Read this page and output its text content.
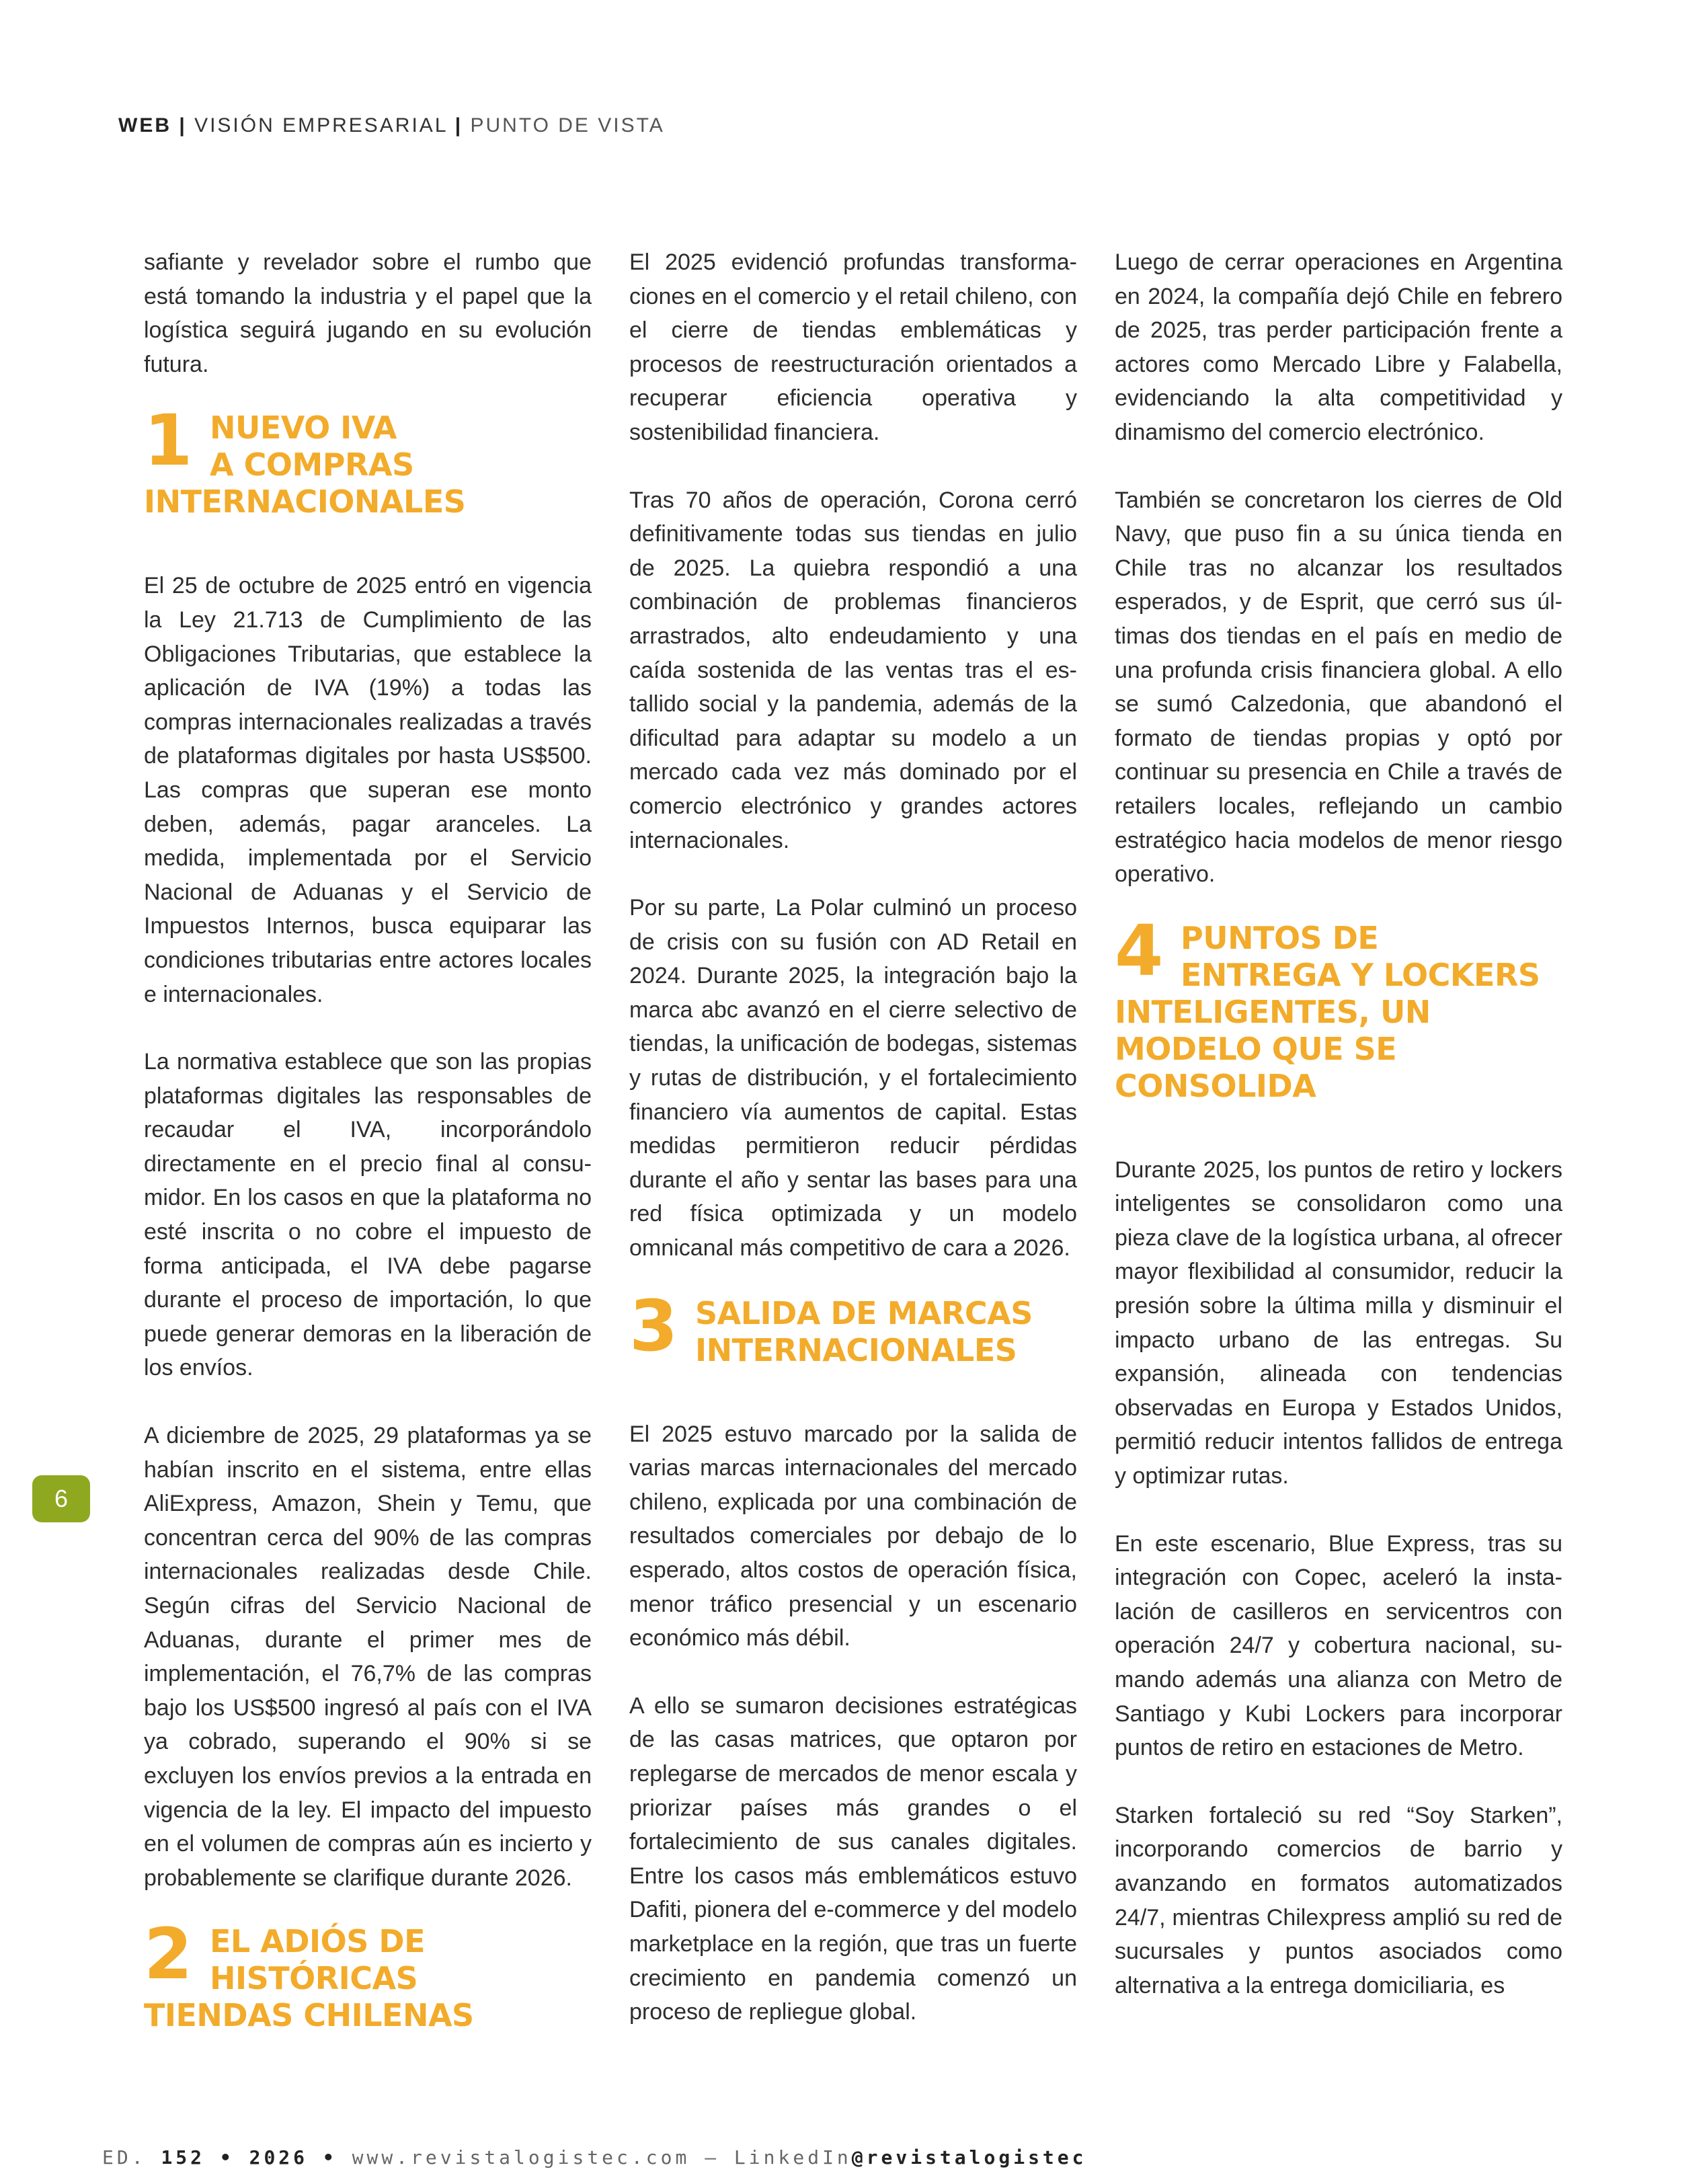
WEB | VISIÓN EMPRESARIAL | PUNTO DE VISTA

safiante y revelador sobre el rumbo que está tomando la industria y el papel que la logística seguirá jugando en su evolución futura.

1 NUEVO IVA
A COMPRAS
INTERNACIONALES

El 25 de octubre de 2025 entró en vigencia la Ley 21.713 de Cumplimiento de las Obligaciones Tributarias, que establece la aplicación de IVA (19%) a todas las compras internacionales realizadas a través de plataformas digitales por hasta US$500. Las compras que superan ese monto deben, además, pagar aranceles. La medida, implementada por el Servicio Nacional de Aduanas y el Servicio de Impuestos Internos, busca equiparar las condiciones tributarias entre actores locales e internacionales.

La normativa establece que son las propias plataformas digitales las responsables de recaudar el IVA, incorporándolo directamente en el precio final al consumidor. En los casos en que la plataforma no esté inscrita o no cobre el impuesto de forma anticipada, el IVA debe pagarse durante el proceso de importación, lo que puede generar demoras en la liberación de los envíos.

A diciembre de 2025, 29 plataformas ya se habían inscrito en el sistema, entre ellas AliExpress, Amazon, Shein y Temu, que concentran cerca del 90% de las compras internacionales realizadas desde Chile. Según cifras del Servicio Nacional de Aduanas, durante el primer mes de implementación, el 76,7% de las compras bajo los US$500 ingresó al país con el IVA ya cobrado, superando el 90% si se excluyen los envíos previos a la entrada en vigencia de la ley. El impacto del impuesto en el volumen de compras aún es incierto y probablemente se clarifique durante 2026.

2 EL ADIÓS DE
HISTÓRICAS
TIENDAS CHILENAS

El 2025 evidenció profundas transformaciones en el comercio y el retail chileno, con el cierre de tiendas emblemáticas y procesos de reestructuración orientados a recuperar eficiencia operativa y sostenibilidad financiera.

Tras 70 años de operación, Corona cerró definitivamente todas sus tiendas en julio de 2025. La quiebra respondió a una combinación de problemas financieros arrastrados, alto endeudamiento y una caída sostenida de las ventas tras el estallido social y la pandemia, además de la dificultad para adaptar su modelo a un mercado cada vez más dominado por el comercio electrónico y grandes actores internacionales.

Por su parte, La Polar culminó un proceso de crisis con su fusión con AD Retail en 2024. Durante 2025, la integración bajo la marca abc avanzó en el cierre selectivo de tiendas, la unificación de bodegas, sistemas y rutas de distribución, y el fortalecimiento financiero vía aumentos de capital. Estas medidas permitieron reducir pérdidas durante el año y sentar las bases para una red física optimizada y un modelo omnicanal más competitivo de cara a 2026.

3 SALIDA DE MARCAS
INTERNACIONALES

El 2025 estuvo marcado por la salida de varias marcas internacionales del mercado chileno, explicada por una combinación de resultados comerciales por debajo de lo esperado, altos costos de operación física, menor tráfico presencial y un escenario económico más débil.

A ello se sumaron decisiones estratégicas de las casas matrices, que optaron por replegarse de mercados de menor escala y priorizar países más grandes o el fortalecimiento de sus canales digitales. Entre los casos más emblemáticos estuvo Dafiti, pionera del e-commerce y del modelo marketplace en la región, que tras un fuerte crecimiento en pandemia comenzó un proceso de repliegue global.

Luego de cerrar operaciones en Argentina en 2024, la compañía dejó Chile en febrero de 2025, tras perder participación frente a actores como Mercado Libre y Falabella, evidenciando la alta competitividad y dinamismo del comercio electrónico.

También se concretaron los cierres de Old Navy, que puso fin a su única tienda en Chile tras no alcanzar los resultados esperados, y de Esprit, que cerró sus últimas dos tiendas en el país en medio de una profunda crisis financiera global. A ello se sumó Calzedonia, que abandonó el formato de tiendas propias y optó por continuar su presencia en Chile a través de retailers locales, reflejando un cambio estratégico hacia modelos de menor riesgo operativo.

4 PUNTOS DE
ENTREGA Y LOCKERS
INTELIGENTES, UN
MODELO QUE SE
CONSOLIDA

Durante 2025, los puntos de retiro y lockers inteligentes se consolidaron como una pieza clave de la logística urbana, al ofrecer mayor flexibilidad al consumidor, reducir la presión sobre la última milla y disminuir el impacto urbano de las entregas. Su expansión, alineada con tendencias observadas en Europa y Estados Unidos, permitió reducir intentos fallidos de entrega y optimizar rutas.

En este escenario, Blue Express, tras su integración con Copec, aceleró la instalación de casilleros en servicentros con operación 24/7 y cobertura nacional, sumando además una alianza con Metro de Santiago y Kubi Lockers para incorporar puntos de retiro en estaciones de Metro.

Starken fortaleció su red “Soy Starken”, incorporando comercios de barrio y avanzando en formatos automatizados 24/7, mientras Chilexpress amplió su red de sucursales y puntos asociados como alternativa a la entrega domiciliaria, es

6
ED. 152 • 2026 • www.revistalogistec.com – LinkedIn@revistalogistec
